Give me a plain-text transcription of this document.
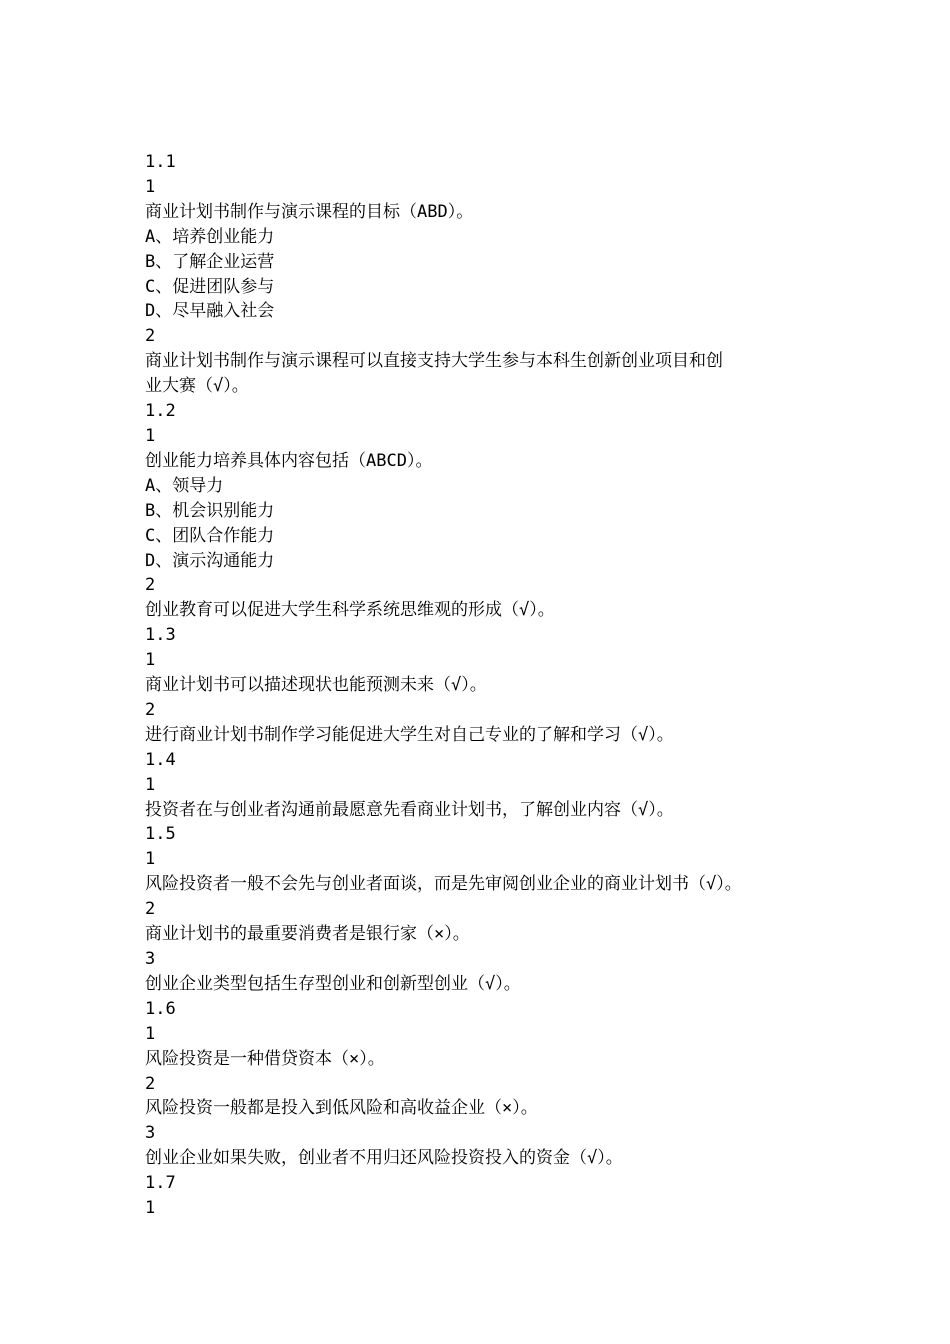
1.1
1
商业计划书制作与演示课程的目标（ABD）。
A、培养创业能力
B、了解企业运营
C、促进团队参与
D、尽早融入社会
2
商业计划书制作与演示课程可以直接支持大学生参与本科生创新创业项目和创
业大赛（√）。
1.2
1
创业能力培养具体内容包括（ABCD）。
A、领导力
B、机会识别能力
C、团队合作能力
D、演示沟通能力
2
创业教育可以促进大学生科学系统思维观的形成（√）。
1.3
1
商业计划书可以描述现状也能预测未来（√）。
2
进行商业计划书制作学习能促进大学生对自己专业的了解和学习（√）。
1.4
1
投资者在与创业者沟通前最愿意先看商业计划书，了解创业内容（√）。
1.5
1
风险投资者一般不会先与创业者面谈，而是先审阅创业企业的商业计划书（√）。
2
商业计划书的最重要消费者是银行家（×）。
3
创业企业类型包括生存型创业和创新型创业（√）。
1.6
1
风险投资是一种借贷资本（×）。
2
风险投资一般都是投入到低风险和高收益企业（×）。
3
创业企业如果失败，创业者不用归还风险投资投入的资金（√）。
1.7
1
